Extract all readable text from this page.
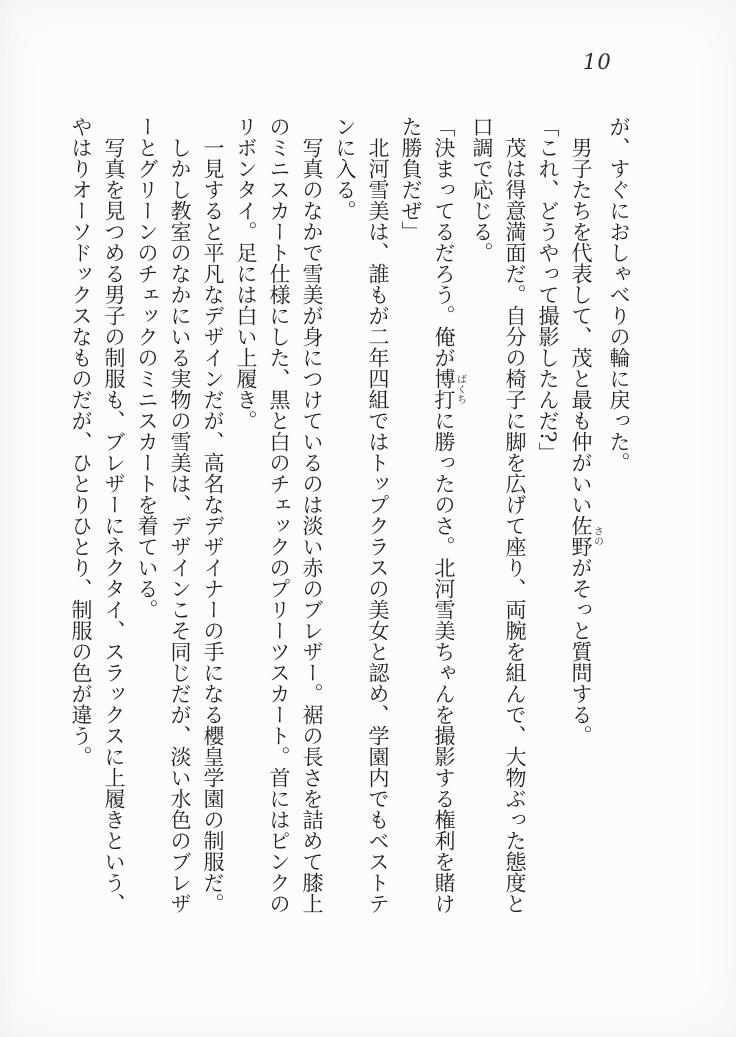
10

が、すぐにおしゃべりの輪に戻った。

男子たちを代表して、茂と最も仲がいい佐野さのがそっと質問する。

「これ、どうやって撮影したんだ?」

茂は得意満面だ。自分の椅子に脚を広げて座り、両腕を組んで、大物ぶった態度と口調で応じる。

「決まってるだろう。俺が博打ばくちに勝ったのさ。北河雪美ちゃんを撮影する権利を賭けた勝負だぜ」

北河雪美は、誰もが二年四組ではトップクラスの美女と認め、学園内でもベストテンに入る。

写真のなかで雪美が身につけているのは淡い赤のブレザー。裾の長さを詰めて膝上のミニスカート仕様にした、黒と白のチェックのプリーツスカート。首にはピンクのリボンタイ。足には白い上履き。

一見すると平凡なデザインだが、高名なデザイナーの手になる櫻皇学園の制服だ。

しかし教室のなかにいる実物の雪美は、デザインこそ同じだが、淡い水色のブレザーとグリーンのチェックのミニスカートを着ている。

写真を見つめる男子の制服も、ブレザーにネクタイ、スラックスに上履きという、やはりオーソドックスなものだが、ひとりひとり、制服の色が違う。
